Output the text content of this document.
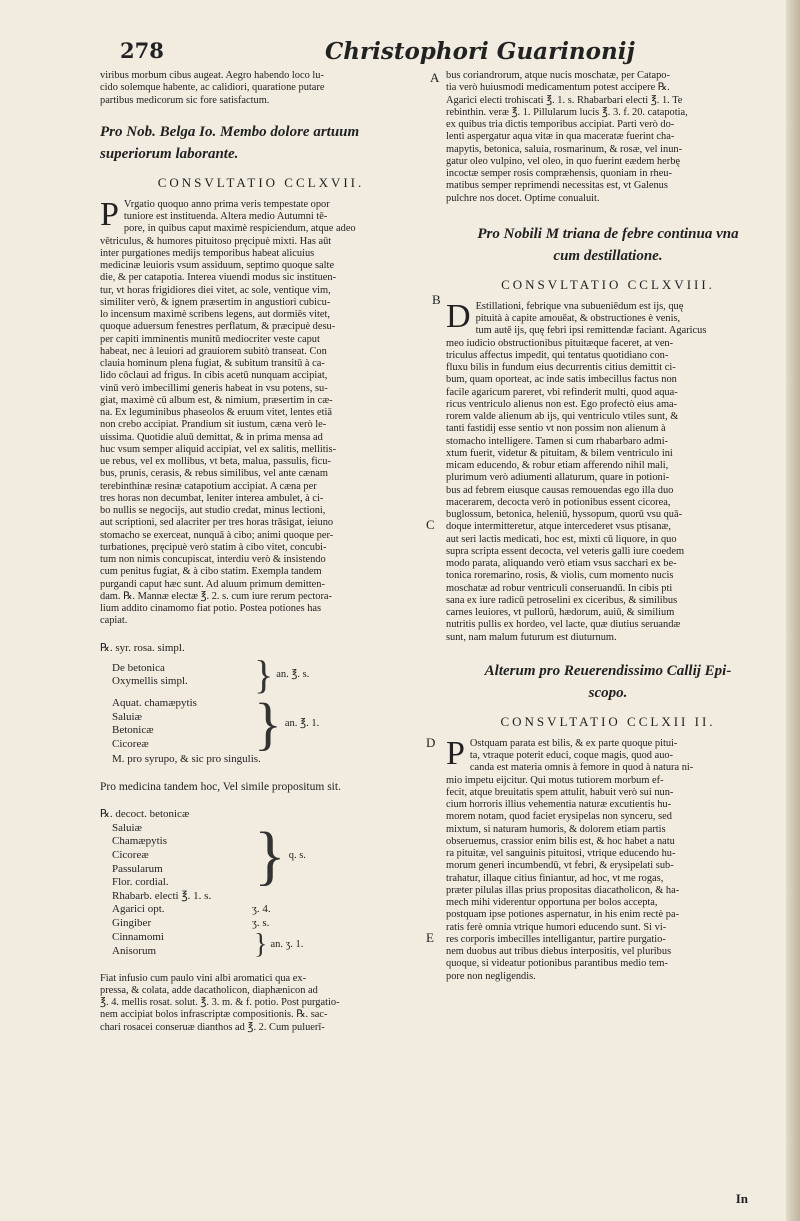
278	Christophori Guarinonij

viribus morbum cibus augeat. Aegro habendo loco lu-
cido solemque habente, ac calidiori, quaratione putare
partibus medicorum sic fore satisfactum.

Pro Nob. Belga Io. Membo dolore artuum
superiorum laborante.
CONSVLTATIO CCLXVII.
P Vrgatio quoquo anno prima veris tempestate opor
tuniore est instituenda. Altera medio Autumni tē-
pore, in quibus caput maximè respiciendum, atque adeo
vētriculus, & humores pituitoso pręcipuè mixti. Has aūt
inter purgationes medijs temporibus habeat alicuius
medicinæ leuioris vsum assiduum, septimo quoque salte
die, & per catapotia. Interea viuendi modus sic instituen-
tur, vt horas frigidiores diei vitet, ac sole, ventique vim,
similiter verò, & ignem præsertim in angustiori cubicu-
lo incensum maximè scribens legens, aut dormiēs vitet,
quoque aduersum fenestres perflatum, & præcipuè desu-
per capiti imminentis munitū mediocriter veste caput
habeat, nec à leuiori ad grauiorem subitò transeat. Con
clauia hominum plena fugiat, & subitum transitū à ca-
lido cōclaui ad frigus. In cibis acetū nunquam accipiat,
vinū verò imbecillimi generis habeat in vsu potens, su-
giat, maximè cū album est, & nimium, præsertim in cæ-
na. Ex leguminibus phaseolos & eruum vitet, lentes etiā
non crebo accipiat. Prandium sit iustum, cæna verò le-
uissima. Quotidie aluū demittat, & in prima mensa ad
huc vsum semper aliquid accipiat, vel ex salitis, mellitis-
ue rebus, vel ex mollibus, vt beta, malua, passulis, ficu-
bus, prunis, cerasis, & rebus similibus, vel ante cænam
terebinthinæ resinæ catapotium accipiat. A cæna per
tres horas non decumbat, leniter interea ambulet, à ci-
bo nullis se negocijs, aut studio credat, minus lectioni,
aut scriptioni, sed alacriter per tres horas trāsigat, ieiuno
stomacho se exerceat, nunquā à cibo; animi quoque per-
turbationes, pręcipuè verò statim à cibo vitet, concubi-
tum non nimis concupiscat, interdiu verò & insistendo
cum penitus fugiat, & à cibo statim. Exempla tandem
purgandi caput hæc sunt. Ad aluum primum demitten-
dam. ℞. Mannæ electæ ℥. 2. s. cum iure rerum pectora-
lium addito cinamomo fiat potio. Postea potiones has
capiat.

℞. syr. rosa. simpl.
De betonica
Oxymellis simpl.	} an. ℥. s.
Aquat. chamæpytis
Saluiæ
Betonicæ
Cicoreæ	} an. ℥. 1.
M. pro syrupo, & sic pro singulis.
Pro medicina tandem hoc, Vel simile propositum sit.
℞. decoct. betonicæ
Saluiæ
Chamæpytis
Cicoreæ
Passularum
Flor. cordial.	} q. s.
Rhabarb. electi ℥. 1. s.
Agarici opt.	ʒ. 4.
Gingiber	ʒ. s.
Cinnamomi
Anisorum	} an. ʒ. 1.

Fiat infusio cum paulo vini albi aromatici qua ex-
pressa, & colata, adde dacatholicon, diaphænicon ad
℥. 4. mellis rosat. solut. ℥. 3. m. & f. potio. Post purgatio-
nem accipiat bolos infrascriptæ compositionis. ℞. sac-
chari rosacei conseruæ dianthos ad ℥. 2. Cum puluerī-

A
B
C
D
E

bus coriandrorum, atque nucis moschatæ, per Catapo-
tia verò huiusmodi medicamentum potest accipere ℞.
Agarici electi trohiscati ℥. 1. s. Rhabarbari electi ℥. 1. Te
rebinthin. veræ ℥. 1. Pillularum lucis ℥. 3. f. 20. catapotia,
ex quibus tria dictis temporibus accipiat. Parti verò do-
lenti aspergatur aqua vitæ in qua maceratæ fuerint cha-
mapytis, betonica, saluia, rosmarinum, & rosæ, vel inun-
gatur oleo vulpino, vel oleo, in quo fuerint eædem herbę
incoctæ semper rosis compræhensis, quoniam in rheu-
matibus semper reprimendi necessitas est, vt Galenus
pulchre nos docet. Optime conualuit.

Pro Nobili M triana de febre continua vna
cum destillatione.
CONSVLTATIO CCLXVIII.
D Estillationi, febrique vna subueniēdum est ijs, quę
pituità à capite amouēat, & obstructiones è venis,
tum autē ijs, quę febri ipsi remittendæ faciant. Agaricus
meo iudicio obstructionibus pituitæque faceret, at ven-
triculus affectus impedit, qui tentatus quotidiano con-
fluxu bilis in fundum eius decurrentis citius demittit ci-
bum, quam oporteat, ac inde satis imbecillus factus non
facile agaricum pareret, vbi refinderit multi, quod aqua-
ricus ventriculo alienus non est. Ego profectò eius ama-
rorem valde alienum ab ijs, qui ventriculo vtiles sunt, &
tanti fastidij esse sentio vt non possim non alienum à
stomacho intelligere. Tamen si cum rhabarbaro admi-
xtum fuerit, videtur & pituitam, & bilem ventriculo ini
micam educendo, & robur etiam afferendo nihil mali,
plurimum verò adiumenti allaturum, quare in potioni-
bus ad febrem eiusque causas remouendas ego illa duo
macerarem, decocta verò in potionibus essent cicorea,
buglossum, betonica, heleniū, hyssopum, quorū vsu quā-
doque intermitteretur, atque intercederet vsus ptisanæ,
aut seri lactis medicati, hoc est, mixti cū liquore, in quo
supra scripta essent decocta, vel veteris galli iure coedem
modo parata, aliquando verò etiam vsus sacchari ex be-
tonica roremarino, rosis, & violis, cum momento nucis
moschatæ ad robur ventriculi conseruandū. In cibis pti
sana ex iure radicū petroselini ex ciceribus, & similibus
carnes leuiores, vt pullorū, hædorum, auiū, & similium
nutritis pullis ex hordeo, vel lacte, quæ diutius seruandæ
sunt, nam malum futurum est diuturnum.

Alterum pro Reuerendissimo Callij Epi-
scopo.
CONSVLTATIO CCLXII II.
P Ostquam parata est bilis, & ex parte quoque pitui-
ta, vtraque poterit educi, coque magis, quod auo-
canda est materia omnis à femore in quod à natura ni-
mio impetu eijcitur. Qui motus tutiorem morbum ef-
fecit, atque breuitatis spem attulit, habuit verò sui nun-
cium horroris illius vehementia naturæ excutientis hu-
morem notam, quod faciet erysipelas non synceru, sed
mixtum, si naturam humoris, & dolorem etiam partis
obseruemus, crassior enim bilis est, & hoc habet a natu
ra pituitæ, vel sanguinis pituitosi, vtrique educendo hu-
morum generi incumbendū, vt febri, & erysipelati sub-
trahatur, illaque citius finiantur, ad hoc, vt me rogas,
præter pilulas illas prius propositas diacatholicon, & ha-
mech mihi viderentur opportuna per bolos accepta,
postquam ipse potiones aspernatur, in his enim rectè pa-
ratis ferè omnia vtrique humori educendo sunt. Si vi-
res corporis imbecilles intelligantur, partire purgatio-
nem duobus aut tribus diebus interpositis, vel pluribus
quoque, si videatur potionibus parantibus medio tem-
pore non negligendis.

In
